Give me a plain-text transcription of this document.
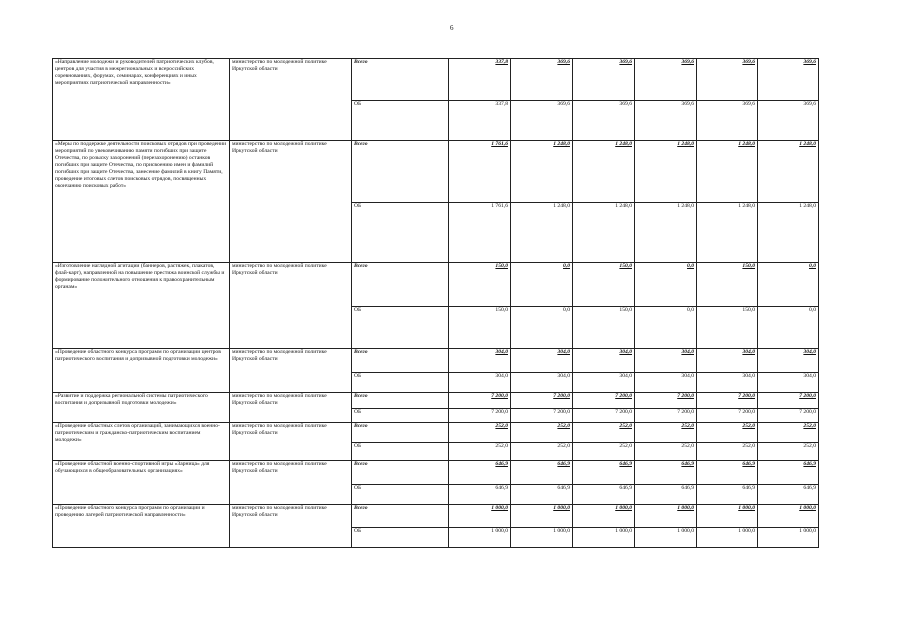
6
«Направление молодежи и руководителей патриотических клубов, центров для участия в межрегиональных и всероссийских соревнованиях, форумах, семинарах, конференциях и иных мероприятиях патриотической направленности»	министерство по молодежной политике Иркутской области	Всего	337,8	369,6	369,6	369,6	369,6	369,6
		ОБ	337,8	369,6	369,6	369,6	369,6	369,6
«Меры по поддержке деятельности поисковых отрядов при проведении мероприятий по увековечиванию памяти погибших при защите Отечества, по розыску захоронений (перезахоронению) останков погибших при защите Отечества, по присвоению имен и фамилий погибших при защите Отечества, занесение фамилий в книгу Памяти, проведение итоговых слетов поисковых отрядов, посвященных окончанию поисковых работ»	министерство по молодежной политике Иркутской области	Всего	1 761,6	1 248,0	1 248,0	1 248,0	1 248,0	1 248,0
		ОБ	1 761,6	1 248,0	1 248,0	1 248,0	1 248,0	1 248,0
«Изготовление наглядной агитации (баннеров, растяжек, плакатов, флай-карт), направленной на повышение престижа воинской службы и формирование положительного отношения к правоохранительным органам»	министерство по молодежной политике Иркутской области	Всего	150,0	0,0	150,0	0,0	150,0	0,0
		ОБ	150,0	0,0	150,0	0,0	150,0	0,0
«Проведение областного конкурса программ по организации центров патриотического воспитания и допризывной подготовки молодежи»	министерство по молодежной политике Иркутской области	Всего	304,0	304,0	304,0	304,0	304,0	304,0
		ОБ	304,0	304,0	304,0	304,0	304,0	304,0
«Развитие и поддержка региональной системы патриотического воспитания и допризывной подготовки молодежи»	министерство по молодежной политике Иркутской области	Всего	7 200,0	7 200,0	7 200,0	7 200,0	7 200,0	7 200,0
		ОБ	7 200,0	7 200,0	7 200,0	7 200,0	7 200,0	7 200,0
«Проведение областных слетов организаций, занимающихся военно-патриотическим и гражданско-патриотическим воспитанием молодежи»	министерство по молодежной политике Иркутской области	Всего	252,0	252,0	252,0	252,0	252,0	252,0
		ОБ	252,0	252,0	252,0	252,0	252,0	252,0
«Проведение областной военно-спортивной игры «Зарница» для обучающихся в общеобразовательных организациях»	министерство по молодежной политике Иркутской области	Всего	646,9	646,9	646,9	646,9	646,9	646,9
		ОБ	646,9	646,9	646,9	646,9	646,9	646,9
«Проведение областного конкурса программ по организации и проведению лагерей патриотической направленности»	министерство по молодежной политике Иркутской области	Всего	1 000,0	1 000,0	1 000,0	1 000,0	1 000,0	1 000,0
		ОБ	1 000,0	1 000,0	1 000,0	1 000,0	1 000,0	1 000,0
